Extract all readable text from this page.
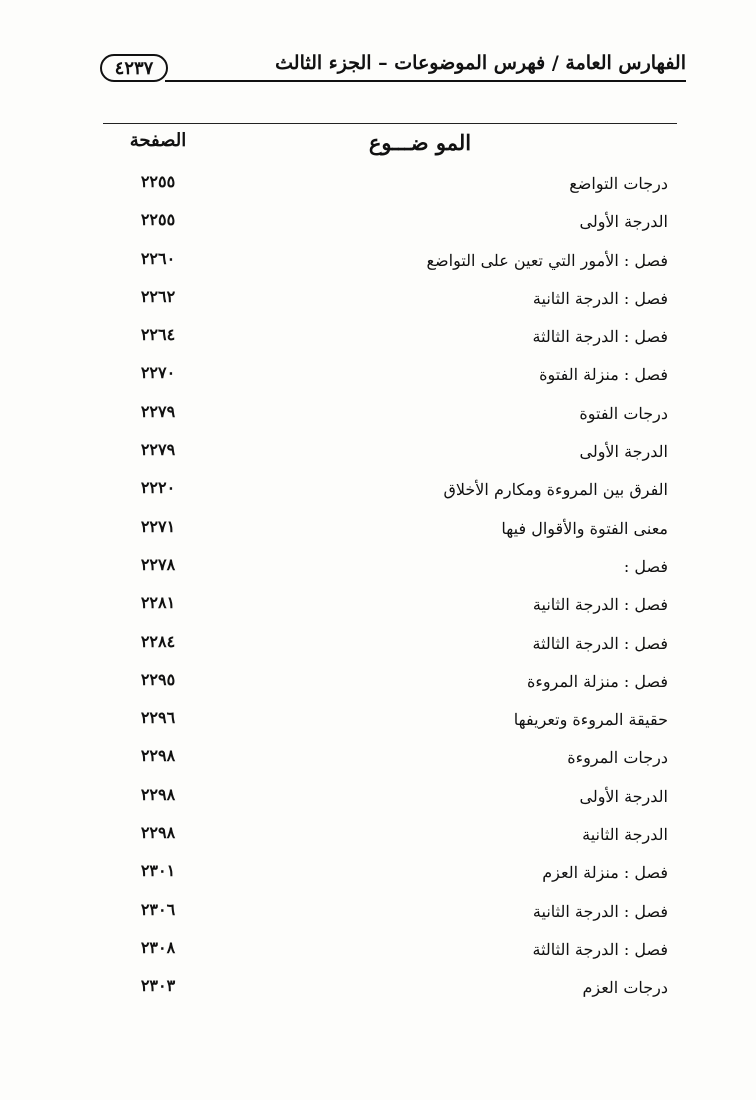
٤٢٣٧	الفهارس العامة / فهرس الموضوعات – الجزء الثالث
المو ضـــوع
الصفحة
درجات التواضع
٢٢٥٥
الدرجة الأولى
٢٢٥٥
فصل : الأمور التي تعين على التواضع
٢٢٦٠
فصل : الدرجة الثانية
٢٢٦٢
فصل : الدرجة الثالثة
٢٢٦٤
فصل : منزلة الفتوة
٢٢٧٠
درجات الفتوة
٢٢٧٩
الدرجة الأولى
٢٢٧٩
الفرق بين المروءة ومكارم الأخلاق
٢٢٢٠
معنى الفتوة والأقوال فيها
٢٢٧١
فصل :
٢٢٧٨
فصل : الدرجة الثانية
٢٢٨١
فصل : الدرجة الثالثة
٢٢٨٤
فصل : منزلة المروءة
٢٢٩٥
حقيقة المروءة وتعريفها
٢٢٩٦
درجات المروءة
٢٢٩٨
الدرجة الأولى
٢٢٩٨
الدرجة الثانية
٢٢٩٨
فصل : منزلة العزم
٢٣٠١
فصل : الدرجة الثانية
٢٣٠٦
فصل : الدرجة الثالثة
٢٣٠٨
درجات العزم
٢٣٠٣
